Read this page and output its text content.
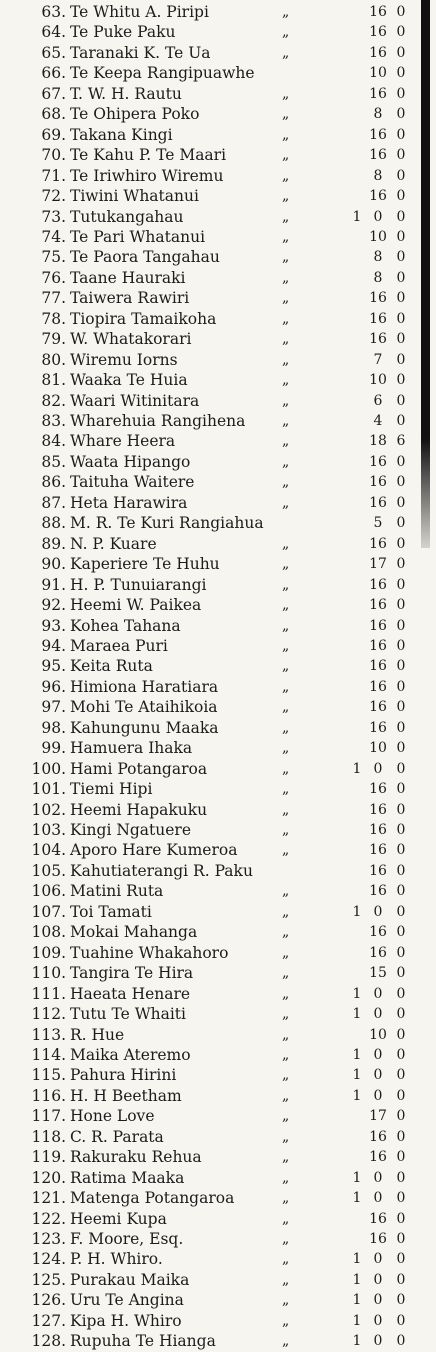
63. Te Whitu A. Piripi	„	16 0
64. Te Puke Paku	„	16 0
65. Taranaki K. Te Ua	„	16 0
66. Te Keepa Rangipuawhe	10 0
67. T. W. H. Rautu	„	16 0
68. Te Ohipera Poko	„	8	0
69. Takana Kingi	„	16 0
70. Te Kahu P. Te Maari	„	16 0
71. Te Iriwhiro Wiremu	„	8	0
72. Tiwini Whatanui	„	16 0
73. Tutukangahau	„	1 0	0
74. Te Pari Whatanui	„	10 0
75. Te Paora Tangahau	„	8	0
76. Taane Hauraki	„	8	0
77. Taiwera Rawiri	„	16 0
78. Tiopira Tamaikoha	„	16 0
79. W. Whatakorari	„	16 0
80. Wiremu Iorns	„	7	0
81. Waaka Te Huia	„	10 0
82. Waari Witinitara	„	6	0
83. Wharehuia Rangihena	„	4	0
84. Whare Heera	„	18 6
85. Waata Hipango	„	16 0
86. Taituha Waitere	„	16 0
87. Heta Harawira	„	16 0
88. M. R. Te Kuri Rangiahua	5	0
89. N. P. Kuare	„	16 0
90. Kaperiere Te Huhu	„	17 0
91. H. P. Tunuiarangi	„	16 0
92. Heemi W. Paikea	„	16 0
93. Kohea Tahana	„	16 0
94. Maraea Puri	„	16 0
95. Keita Ruta	„	16 0
96. Himiona Haratiara	„	16 0
97. Mohi Te Ataihikoia	„	16 0
98. Kahungunu Maaka	„	16 0
99. Hamuera Ihaka	„	10 0
100. Hami Potangaroa	„	1 0	0
101. Tiemi Hipi	„	16 0
102. Heemi Hapakuku	„	16 0
103. Kingi Ngatuere	„	16 0
104. Aporo Hare Kumeroa	„	16 0
105. Kahutiaterangi R. Paku	16 0
106. Matini Ruta	„	16 0
107. Toi Tamati	„	1 0	0
108. Mokai Mahanga	„	16 0
109. Tuahine Whakahoro	„	16 0
110. Tangira Te Hira	„	15 0
111. Haeata Henare	„	1 0	0
112. Tutu Te Whaiti	„	1 0	0
113. R. Hue	„	10 0
114. Maika Ateremo	„	1 0	0
115. Pahura Hirini	„	1 0	0
116. H. H Beetham	„	1 0	0
117. Hone Love	„	17 0
118. C. R. Parata	„	16 0
119. Rakuraku Rehua	„	16 0
120. Ratima Maaka	„	1 0	0
121. Matenga Potangaroa	„	1 0	0
122. Heemi Kupa	„	16 0
123. F. Moore, Esq.	„	16 0
124. P. H. Whiro.	„	1 0	0
125. Purakau Maika	„	1 0	0
126. Uru Te Angina	„	1 0	0
127. Kipa H. Whiro	„	1 0	0
128. Rupuha Te Hianga	„	1 0	0
